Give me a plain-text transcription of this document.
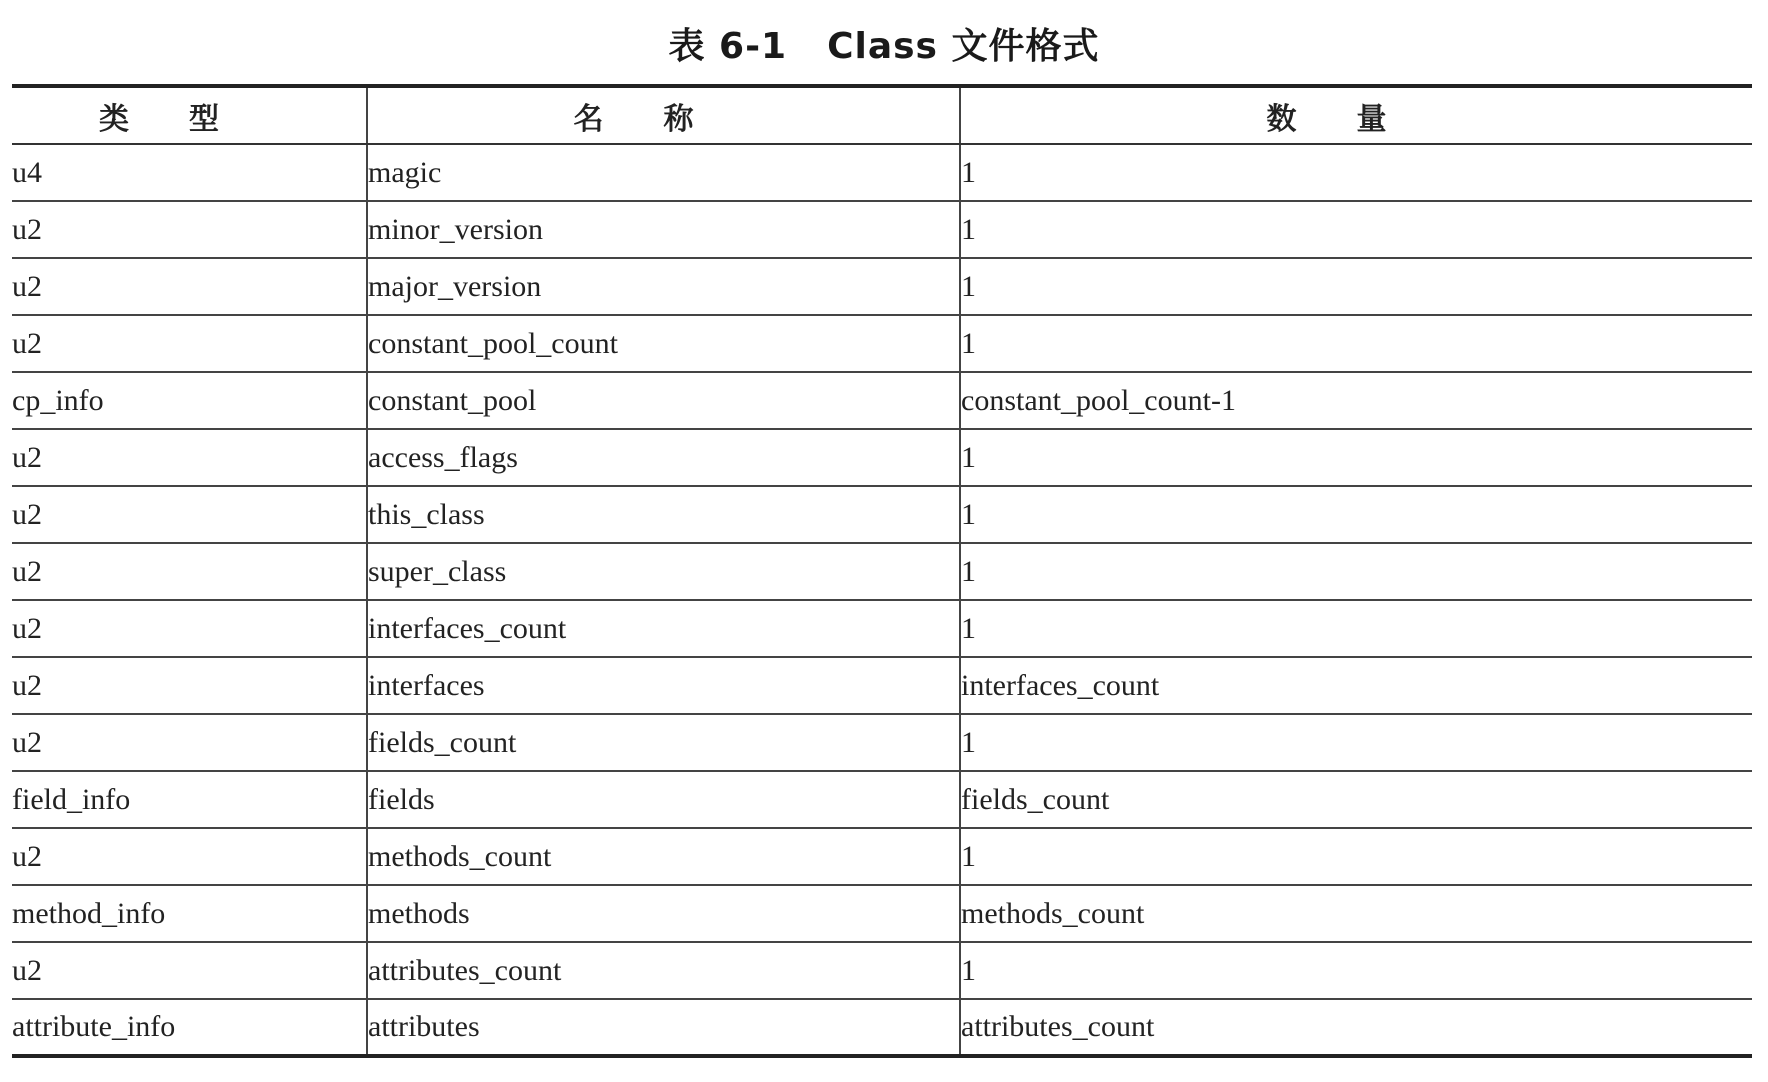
表 6-1 Class 文件格式
类型	名称	数量
u4	magic	1
u2	minor_version	1
u2	major_version	1
u2	constant_pool_count	1
cp_info	constant_pool	constant_pool_count-1
u2	access_flags	1
u2	this_class	1
u2	super_class	1
u2	interfaces_count	1
u2	interfaces	interfaces_count
u2	fields_count	1
field_info	fields	fields_count
u2	methods_count	1
method_info	methods	methods_count
u2	attributes_count	1
attribute_info	attributes	attributes_count
